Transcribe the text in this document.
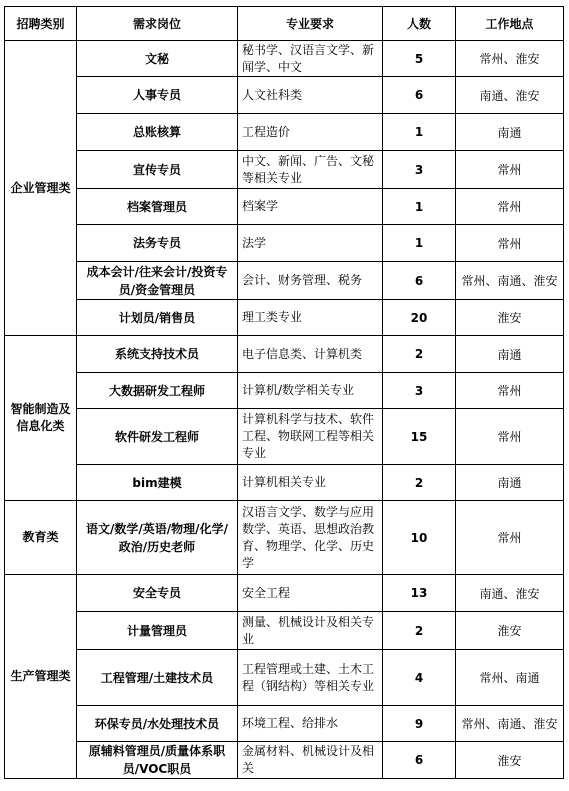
招聘类别	需求岗位	专业要求	人数	工作地点
企业管理类	文秘	秘书学、汉语言文学、新闻学、中文	5	常州、淮安
	人事专员	人文社科类	6	南通、淮安
	总账核算	工程造价	1	南通
	宣传专员	中文、新闻、广告、文秘等相关专业	3	常州
	档案管理员	档案学	1	常州
	法务专员	法学	1	常州
	成本会计/往来会计/投资专员/资金管理员	会计、财务管理、税务	6	常州、南通、淮安
	计划员/销售员	理工类专业	20	淮安
智能制造及信息化类	系统支持技术员	电子信息类、计算机类	2	南通
	大数据研发工程师	计算机/数学相关专业	3	常州
	软件研发工程师	计算机科学与技术、软件工程、物联网工程等相关专业	15	常州
	bim建模	计算机相关专业	2	南通
教育类	语文/数学/英语/物理/化学/政治/历史老师	汉语言文学、数学与应用数学、英语、思想政治教育、物理学、化学、历史学	10	常州
生产管理类	安全专员	安全工程	13	南通、淮安
	计量管理员	测量、机械设计及相关专业	2	淮安
	工程管理/土建技术员	工程管理或土建、土木工程（钢结构）等相关专业	4	常州、南通
	环保专员/水处理技术员	环境工程、给排水	9	常州、南通、淮安
	原辅料管理员/质量体系职员/VOC职员	金属材料、机械设计及相关	6	淮安
